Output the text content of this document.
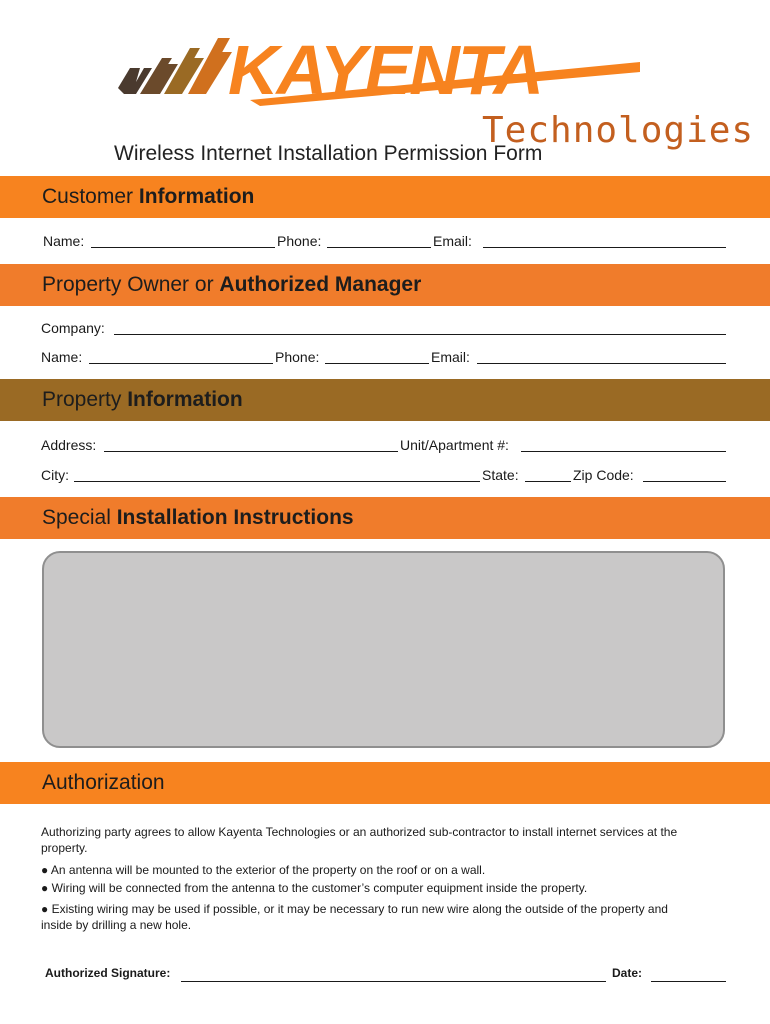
KAYENTA
Technologies
Wireless Internet Installation Permission Form
Customer Information
Name:	Phone:	Email:
Property Owner or Authorized Manager
Company:
Name:	Phone:	Email:
Property Information
Address:	Unit/Apartment #:
City:	State:	Zip Code:
Special Installation Instructions
Authorization
Authorizing party agrees to allow Kayenta Technologies or an authorized sub-contractor to install internet services at the property.
● An antenna will be mounted to the exterior of the property on the roof or on a wall.
● Wiring will be connected from the antenna to the customer’s computer equipment inside the property.
● Existing wiring may be used if possible, or it may be necessary to run new wire along the outside of the property and inside by drilling a new hole.
Authorized Signature:	Date:
